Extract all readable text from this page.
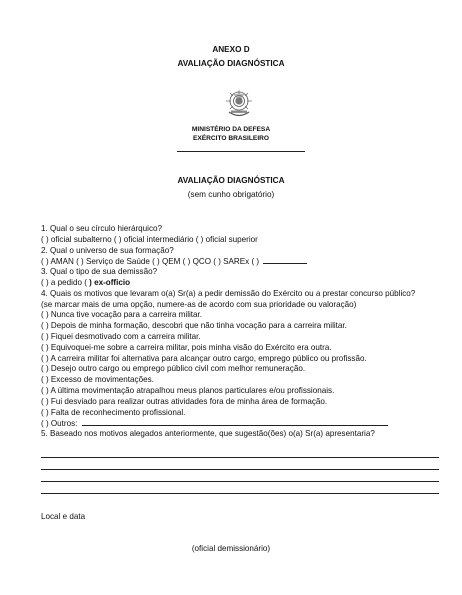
ANEXO D
AVALIAÇÃO DIAGNÓSTICA
MINISTÉRIO DA DEFESA
EXÉRCITO BRASILEIRO
AVALIAÇÃO DIAGNÓSTICA
(sem cunho obrigatório)
1. Qual o seu círculo hierárquico?
( ) oficial subalterno ( ) oficial intermediário ( ) oficial superior
2. Qual o universo de sua formação?
( ) AMAN ( ) Serviço de Saúde ( ) QEM ( ) QCO ( ) SAREx ( )
3. Qual o tipo de sua demissão?
( ) a pedido ( ) ex-officio
4. Quais os motivos que levaram o(a) Sr(a) a pedir demissão do Exército ou a prestar concurso público?
(se marcar mais de uma opção, numere-as de acordo com sua prioridade ou valoração)
( ) Nunca tive vocação para a carreira militar.
( ) Depois de minha formação, descobri que não tinha vocação para a carreira militar.
( ) Fiquei desmotivado com a carreira militar.
( ) Equivoquei-me sobre a carreira militar, pois minha visão do Exército era outra.
( ) A carreira militar foi alternativa para alcançar outro cargo, emprego público ou profissão.
( ) Desejo outro cargo ou emprego público civil com melhor remuneração.
( ) Excesso de movimentações.
( ) A última movimentação atrapalhou meus planos particulares e/ou profissionais.
( ) Fui desviado para realizar outras atividades fora de minha área de formação.
( ) Falta de reconhecimento profissional.
( ) Outros:
5. Baseado nos motivos alegados anteriormente, que sugestão(ões) o(a) Sr(a) apresentaria?
Local e data
(oficial demissionário)
